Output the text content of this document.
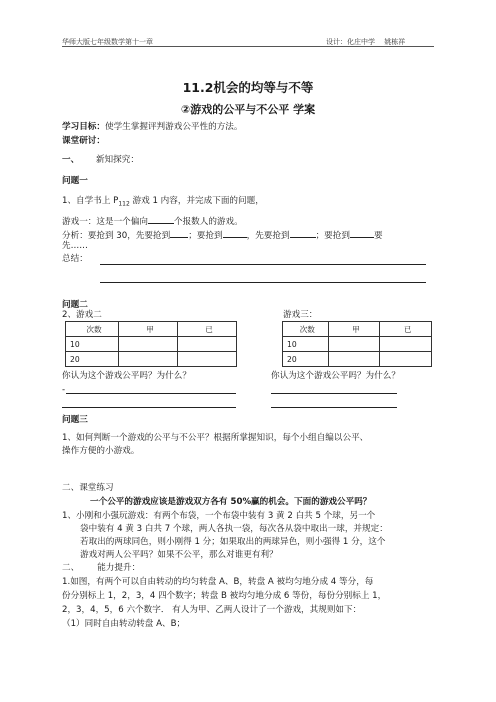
华师大版七年级数学第十一章	设计：化庄中学　 姚栋祥
11.2机会的均等与不等
②游戏的公平与不公平 学案
学习目标：使学生掌握评判游戏公平性的方法。
课堂研讨：
一、 新知探究：
问题一
1、自学书上 $P_{112}$ 游戏 1 内容，并完成下面的问题，
游戏一：这是一个偏向	个报数人的游戏。
分析：要抢到 30，先要抢到 ；要抢到	，先要抢到	；要抢到	要
先……
总结：
问题二
2、游戏二	游戏三：
次数	甲	已
10		
20		
次数	甲	已
10		
20		
你认为这个游戏公平吗？为什么？	你认为这个游戏公平吗？为什么？
-
问题三
1、如何判断一个游戏的公平与不公平？根据所掌握知识，每个小组自编以公平、
操作方便的小游戏。
二、课堂练习
一个公平的游戏应该是游戏双方各有 50%赢的机会。下面的游戏公平吗？
1、小刚和小强玩游戏：有两个布袋，一个布袋中装有 3 黄 2 白共 5 个球，另一个
袋中装有 4 黄 3 白共 7 个球，两人各执一袋，每次各从袋中取出一球，并规定：
若取出的两球同色，则小刚得 1 分；如果取出的两球异色，则小强得 1 分，这个
游戏对两人公平吗？如果不公平，那么对谁更有利？
二、 能力提升：
1.如图，有两个可以自由转动的均匀转盘 A、B，转盘 A 被均匀地分成 4 等分，每
份分别标上 1，2，3，4 四个数字；转盘 B 被均匀地分成 6 等份，每份分别标上 1，
2，3，4，5，6 六个数字． 有人为甲、乙两人设计了一个游戏，其规则如下：
（1）同时自由转动转盘 A、B；
